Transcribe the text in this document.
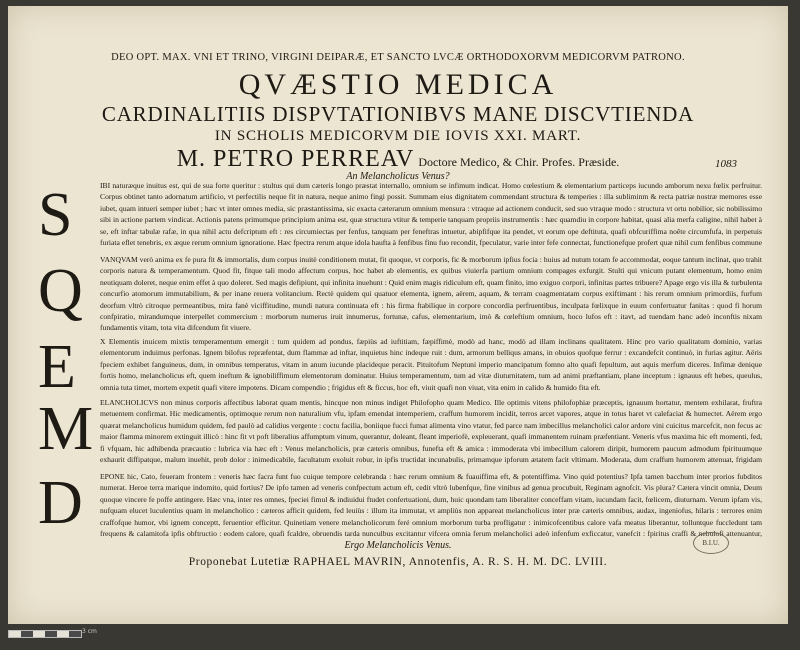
DEO OPT. MAX. VNI ET TRINO, VIRGINI DEIPARÆ, ET SANCTO LVCÆ ORTHODOXORVM MEDICORVM PATRONO.
QVÆSTIO MEDICA
CARDINALITIIS DISPVTATIONIBVS MANE DISCVTIENDA
IN SCHOLIS MEDICORVM DIE IOVIS XXI. MART.
M. PETRO PERREAV Doctore Medico, & Chir. Profes. Præside.	1083
An Melancholicus Venus?
S	IBI naturæque inuitus est, qui de sua forte queritur : stultus qui dum cæteris longo præstat internallo, omnium se infimum indicat. Homo cœlestium & elementarium particeps iucundo amborum nexu fœlix perfruitur. Corpus obtinet tanto adornatum artificio, vt perfectilis neque fit in natura, neque animo fingi possit. Summam eius dignitatem commendant structura & temperies : illa subliminm & recta patriæ nostræ memores esse iubet, quam intueri semper iubet ; hæc vt inter omnes media, sic præstantissima, sic exacta cæterarum omnium mensura : vtraque ad actionem conducit, sed suo vtraque modo : structura vt ortu nobilior, sic nobilissimo sibi in actione partem vindicat. Actionis patens primumque principium anima est, quæ structura vtitur & temperie tanquam propriis instrumentis : hæc quamdiu in corpore habitat, quasi alia merfa caligine, nihil habet à se, eft inftar tabulæ rafæ, in qua nihil actu defcriptum eft : res circumiectas per fenfus, tanquam per feneftras intuetur, abipfifque ita pendet, vt eorum ope deftituta, quafi obfcuriffima noête circumfufa, in perpetuis furiata eflet tenebris, ex æque rerum omnium ignoratione. Hæc fpectra rerum atque idola haufta à fenfibus finu fuo recondit, fpeculatur, varie inter fefe connectat, functionefque profert quæ nihil cum fenfibus commune
Q VANQVAM verò anima ex fe pura fit & immortalis, dum corpus inuitè conditionem mutat, fit quoque, vt corporis, fic & morborum ipfius focia : huius ad nutum totam fe accommodat, eoque tantum inclinat, quo trahit corporis natura & temperamentum. Quod fit, fitque tali modo affectum corpus, hoc habet ab elementis, ex quibus viuierfa partium omnium compages exfurgit. Stulti qui vnicum putant elementum, homo enim neutiquam doleret, neque enim effet à quo doleret. Sed magis defipiunt, qui infinita inuehunt : Quid enim magis ridiculum eft, quam finito, imo exiguo corpori, infinitas partes tribuere? Apage ergo vis illa & turbulenta concurfio atomorum immutabilium, & per inane reuera volitancium. Rectè quidem qui quatuor elementa, ignem, aërem, aquam, & terram coagmentatam corpus exiftimant : his rerum omnium primordiis, furfum deorfum vltrò citroque permeantibus, mira fanè viciffitudine, mundi natura continuata eft : his firma ftabilique in corpore concordia perfruentibus, inculpata fœlixque in euum confertuatur fanitas : quod fi horum confpiratio, mirandumque interpellet commercium : morborum numerus iruit innumerus, fortunæ, cafus, elementarium, imò & cœleftium omnium, hoco lufos eft : itavt, ad tuendam hanc adeò inconftis nixam fundamentis vitam, tota vita difcendum fit viuere.
E	X Elementis inuicem mixtis temperamentum emergit : tum quidem ad pondus, fæpiùs ad iuftitiam, fæpiffimè, modò ad hanc, modò ad illam inclinans qualitatem. Hinc pro vario qualitatum dominio, varias elementorum induimus perfonas. Ignem bilofus repræfentat, dum flammæ ad inftar, inquietus hinc indeque ruit : dum, armorum belliqus amans, in obuios quofque ferrur : excandefcit continuò, in furias agitur. Aëris fpeciem exhibet fanguineus, dum, in omnibus temperatus, vitam in anum iucunde placideque peracit. Pituitofum Neptuni imperio mancipatum fomno alto quafi fepultum, aut aquis merfum diceres. Infimæ denique fortis homo, melancholicus eft, quem ineftum & ignobiliffimum elementorum dominatur. Huius temperamentum, tum ad vitæ diuturnitatem, tum ad animi præftantiam, plane inceptum : ignauus eft hebes, queulus, omnia tuta timet, mortem expetit quafi vitere impotens. Dicam compendio ; frigidus eft & ficcus, hoc eft, viuit quafi non viuat, vita enim in calido & humido fita eft.
M ELANCHOLICVS non minus corporis affectibus laborat quam mentis, hincque non minus indiget Philofopho quam Medico. Ille optimis vitens philofophiæ præceptis, ignauum hortatur, mentem exhilarat, fruftra metuentem confirmat. Hic medicamentis, optimoque rerum non naturalium vfu, ipfam emendat intemperiem, craffum humorem incidit, terros arcet vapores, atque in totus haret vt calefaciat & humectet. Aërem ergo quærat melancholicus humidum quidem, fed paulò ad calidius vergente : coctu facilia, boniique fucci fumat alimenta vino vtatur, fed parce nam imbecillus melancholici calor ardore vini cuicitus marcefcit, non fecus ac maior flamma minorem extinguit illicò : hinc fit vt poft liberalius affumptum vinum, querantur, doleant, fleant imperiofè, expleuerant, quafi immanentem ruinam præfentiant. Veneris vfus maxima hic eft momenti, fed, fi vfquam, hic adhibenda præcautio : lubrica via hæc eft : Venus melancholicis, præ cæteris omnibus, funefta eft & amica : immoderata vbi imbecillum calorem diripit, humorem paucum admodum fpirituumque exhaurit diffipatque, malum inuehit, prob dolor : inimedicabile, facultatum exoluit robur, in ipfis tructidat incunabulis, primamque ipforum ætatem facit vltimam. Moderata, dum craffum humorem attenuat, frigidam
D EPONE hic, Cato, feueram frontem : veneris hæc facra funt fuo cuique tempore celebranda : hæc rerum omnium & fuauiffima eft, & potentiffima. Vino quid potentius? Ipfa tamen bacchum inter prorios fubditos numerat. Heroe terra marique indomito, quid fortius? De ipfo tamen ad veneris confpectum actum eft, cedit vltrò lubenfque, fine vinibus ad genua procubuit, Reginam agnofcit. Vis plura? Cætera vincit omnia, Deum quoque vincere fe poffe antingere. Hæc vna, inter res omnes, fpeciei fimul & indiuidui ftudet confertuationi, dum, huic quondam tam liberaliter conceffam vitam, iucundam facit, fœlicem, diuturnam. Verum ipfam vis, nufquam elucet luculentius quam in melancholico : cæteros afficit quidem, fed leuiùs : illum ita immutat, vt ampliùs non appareat melancholicus inter præ cæteris omnibus, audax, ingeniofus, hilaris : terrores enim craffofque humor, vbi ignem conceptt, feruentior efficitur. Quinetiam venere melancholicorum feré omnium morborum turba profligatur : inimicofcentibus calore vafa meatus liberantur, tolluntque fuccledunt tam frequens & calamitofa ipfis obftructio : eodem calore, quafi fcaldre, obruendis tarda nunculbus excitantur vifcera omnia ferum melancholici adeò infenfum exficcatur, vanefcit : fpiritus craffi & nebulofi attenuantur,
Ergo Melancholicis Venus.
Proponebat Lutetiæ RAPHAEL MAVRIN, Annotenfis, A. R. S. H. M. DC. LVIII.
B.I.U.
3 cm
